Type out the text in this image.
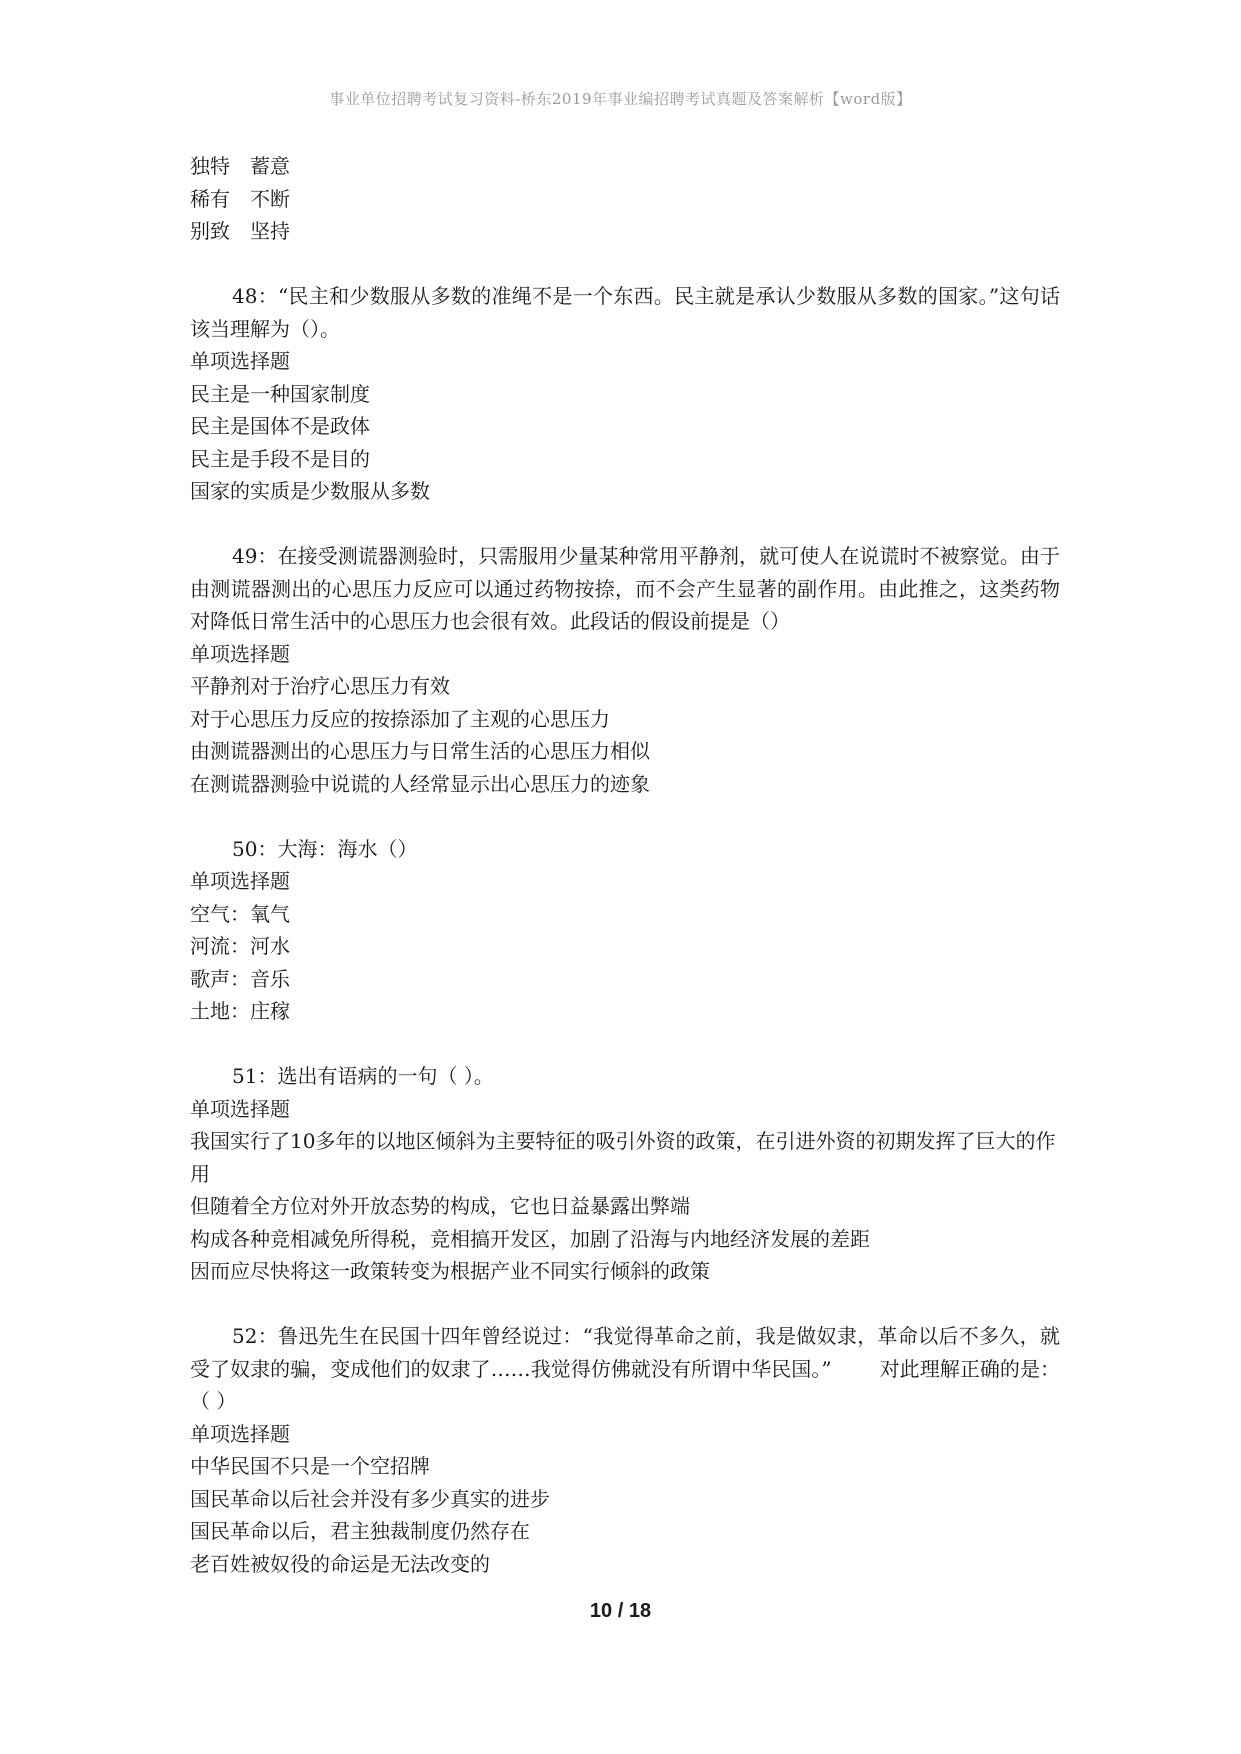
事业单位招聘考试复习资料-桥东2019年事业编招聘考试真题及答案解析【word版】
独特　蓄意
稀有　不断
别致　坚持

48：“民主和少数服从多数的准绳不是一个东西。民主就是承认少数服从多数的国家。”这句话该当理解为（）。

单项选择题
民主是一种国家制度
民主是国体不是政体
民主是手段不是目的
国家的实质是少数服从多数

49：在接受测谎器测验时，只需服用少量某种常用平静剂，就可使人在说谎时不被察觉。由于由测谎器测出的心思压力反应可以通过药物按捺，而不会产生显著的副作用。由此推之，这类药物对降低日常生活中的心思压力也会很有效。此段话的假设前提是（）

单项选择题
平静剂对于治疗心思压力有效
对于心思压力反应的按捺添加了主观的心思压力
由测谎器测出的心思压力与日常生活的心思压力相似
在测谎器测验中说谎的人经常显示出心思压力的迹象

50：大海：海水（）

单项选择题
空气：氧气
河流：河水
歌声：音乐
土地：庄稼

51：选出有语病的一句（ ）。

单项选择题
我国实行了10多年的以地区倾斜为主要特征的吸引外资的政策，在引进外资的初期发挥了巨大的作用
但随着全方位对外开放态势的构成，它也日益暴露出弊端
构成各种竞相减免所得税，竞相搞开发区，加剧了沿海与内地经济发展的差距
因而应尽快将这一政策转变为根据产业不同实行倾斜的政策

52：鲁迅先生在民国十四年曾经说过：“我觉得革命之前，我是做奴隶，革命以后不多久，就受了奴隶的骗，变成他们的奴隶了……我觉得仿佛就没有所谓中华民国。” 对此理解正确的是：（ ）

单项选择题
中华民国不只是一个空招牌
国民革命以后社会并没有多少真实的进步
国民革命以后，君主独裁制度仍然存在
老百姓被奴役的命运是无法改变的
10 / 18
